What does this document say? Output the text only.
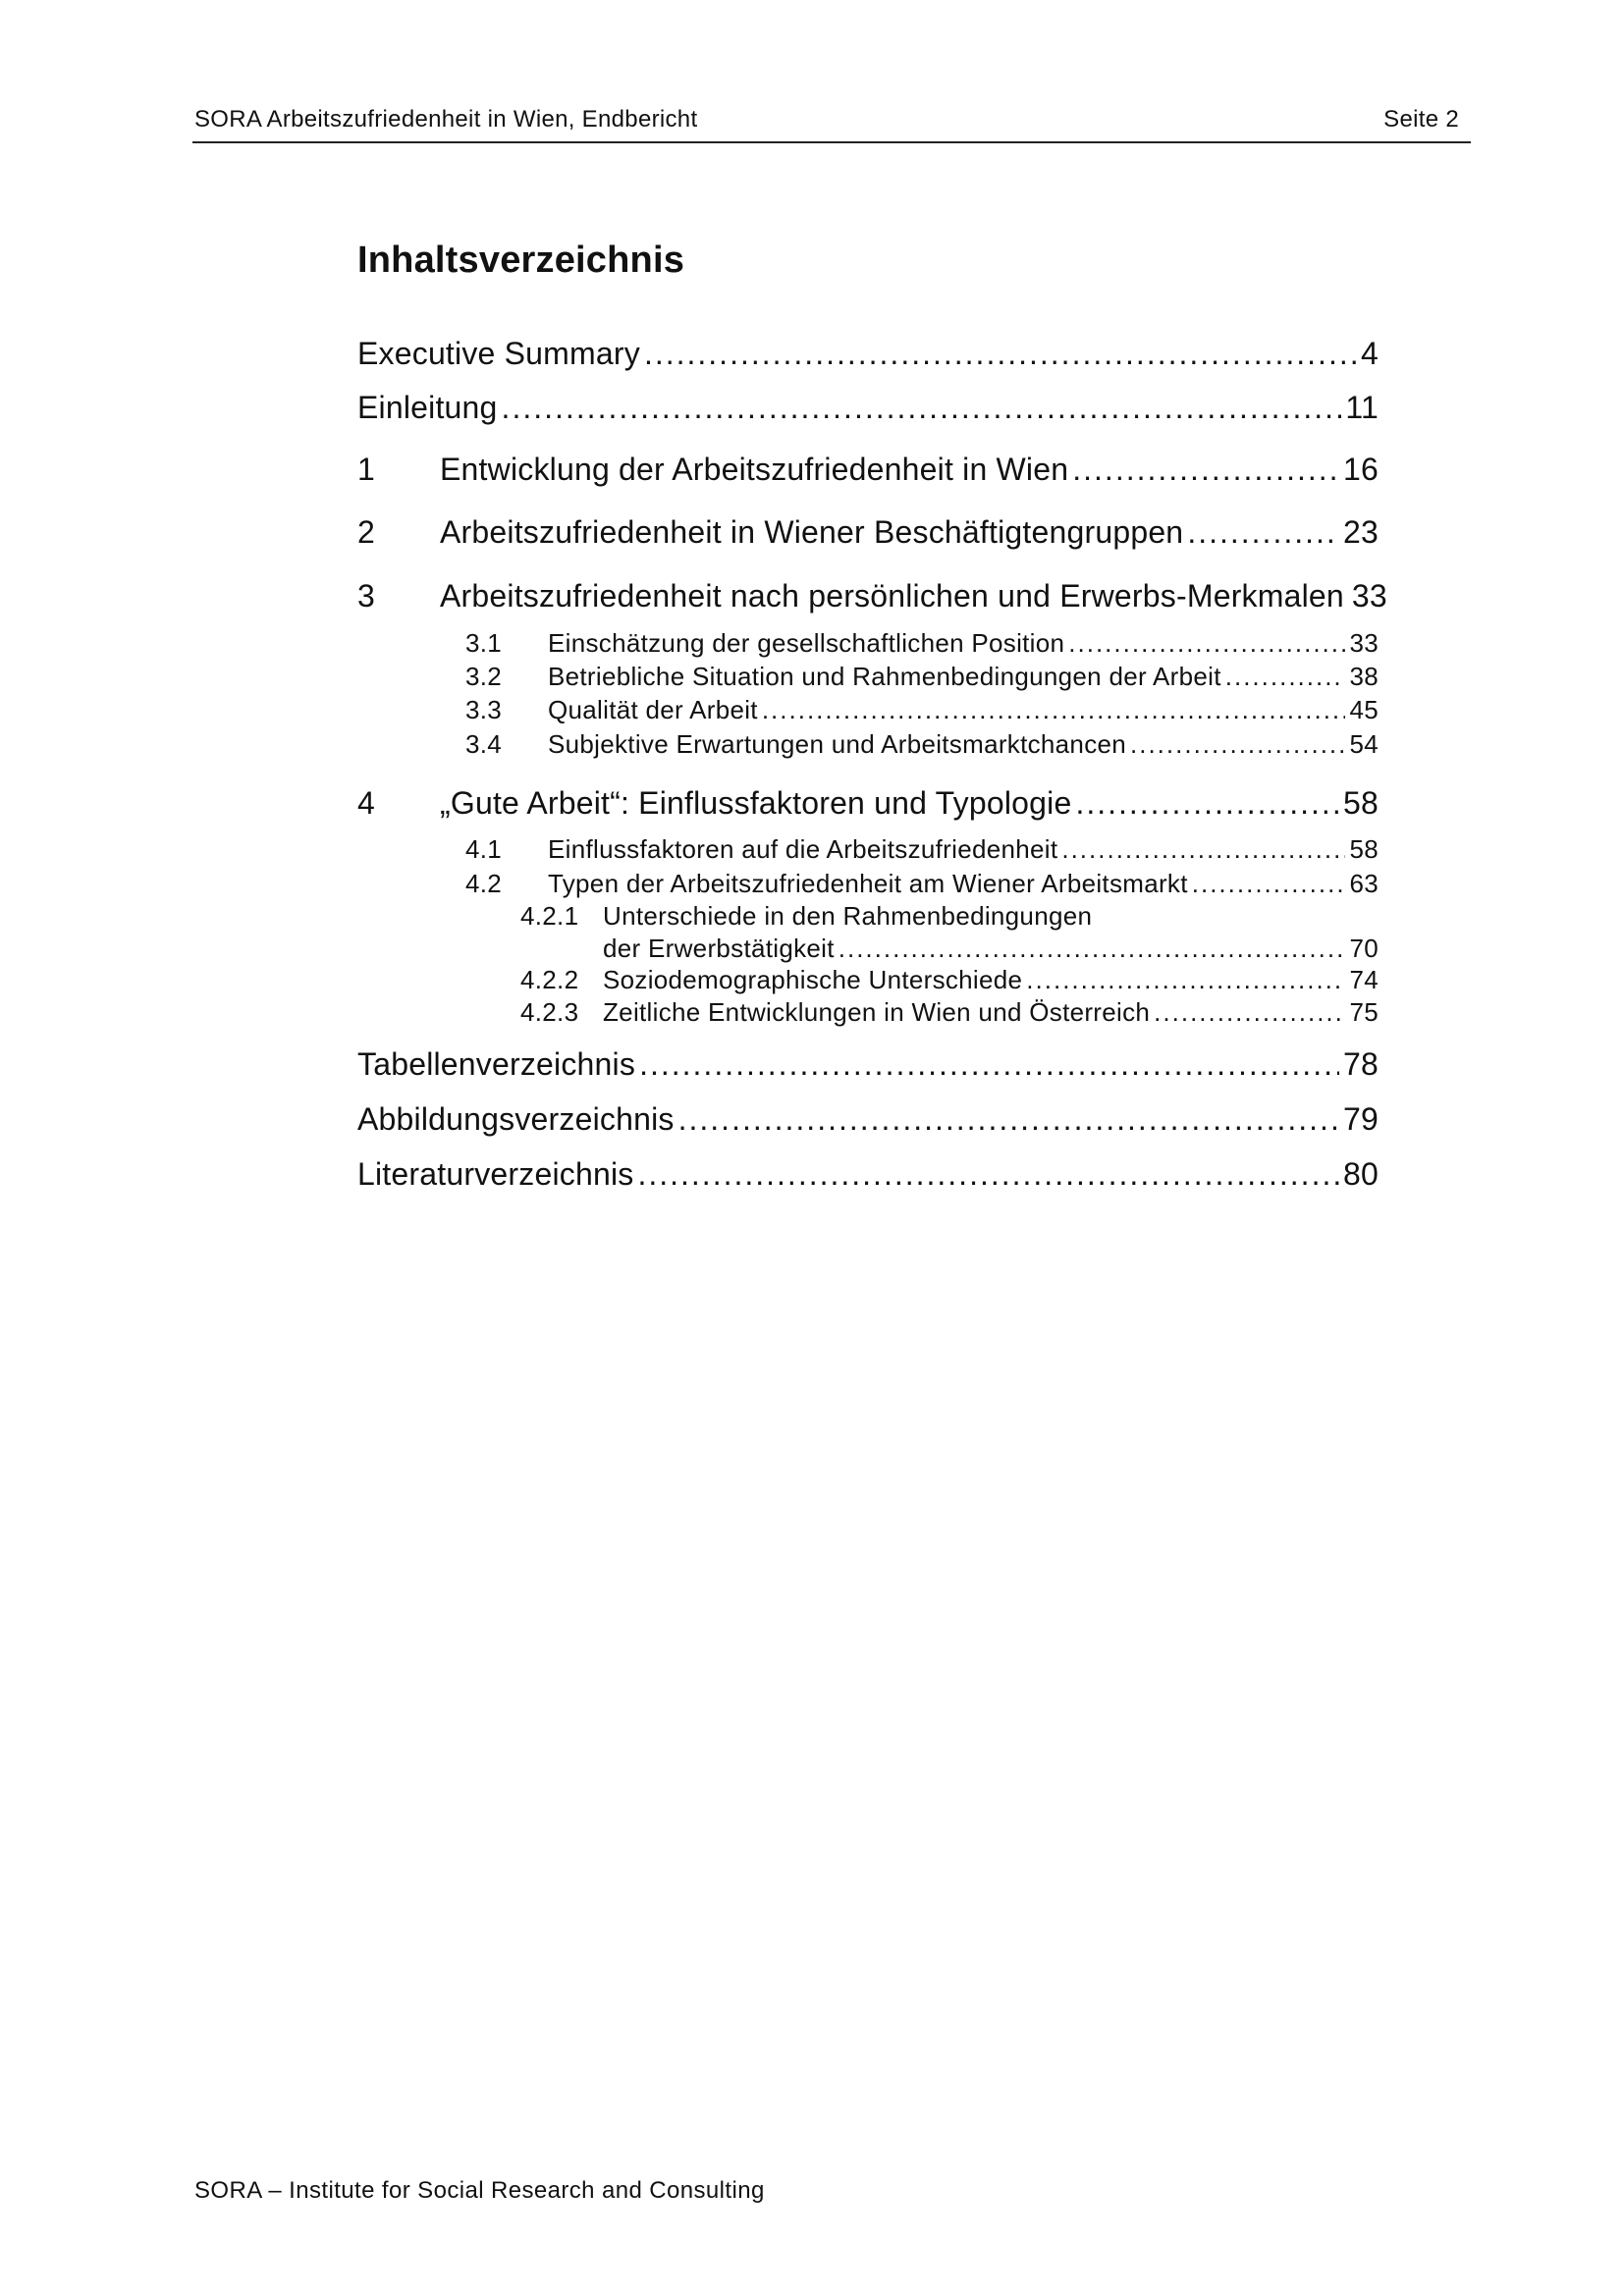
SORA Arbeitszufriedenheit in Wien, Endbericht	Seite 2
Inhaltsverzeichnis
Executive Summary .....	4
Einleitung .....	11
1	Entwicklung der Arbeitszufriedenheit in Wien .....	16
2	Arbeitszufriedenheit in Wiener Beschäftigtengruppen .....	23
3	Arbeitszufriedenheit nach persönlichen und Erwerbs-Merkmalen 33
3.1	Einschätzung der gesellschaftlichen Position .....	33
3.2	Betriebliche Situation und Rahmenbedingungen der Arbeit .....	38
3.3	Qualität der Arbeit .....	45
3.4	Subjektive Erwartungen und Arbeitsmarktchancen .....	54
4	„Gute Arbeit“: Einflussfaktoren und Typologie .....	58
4.1	Einflussfaktoren auf die Arbeitszufriedenheit .....	58
4.2	Typen der Arbeitszufriedenheit am Wiener Arbeitsmarkt .....	63
4.2.1 Unterschiede in den Rahmenbedingungen
der Erwerbstätigkeit .....	70
4.2.2 Soziodemographische Unterschiede .....	74
4.2.3 Zeitliche Entwicklungen in Wien und Österreich .....	75
Tabellenverzeichnis .....	78
Abbildungsverzeichnis .....	79
Literaturverzeichnis .....	80
SORA – Institute for Social Research and Consulting
